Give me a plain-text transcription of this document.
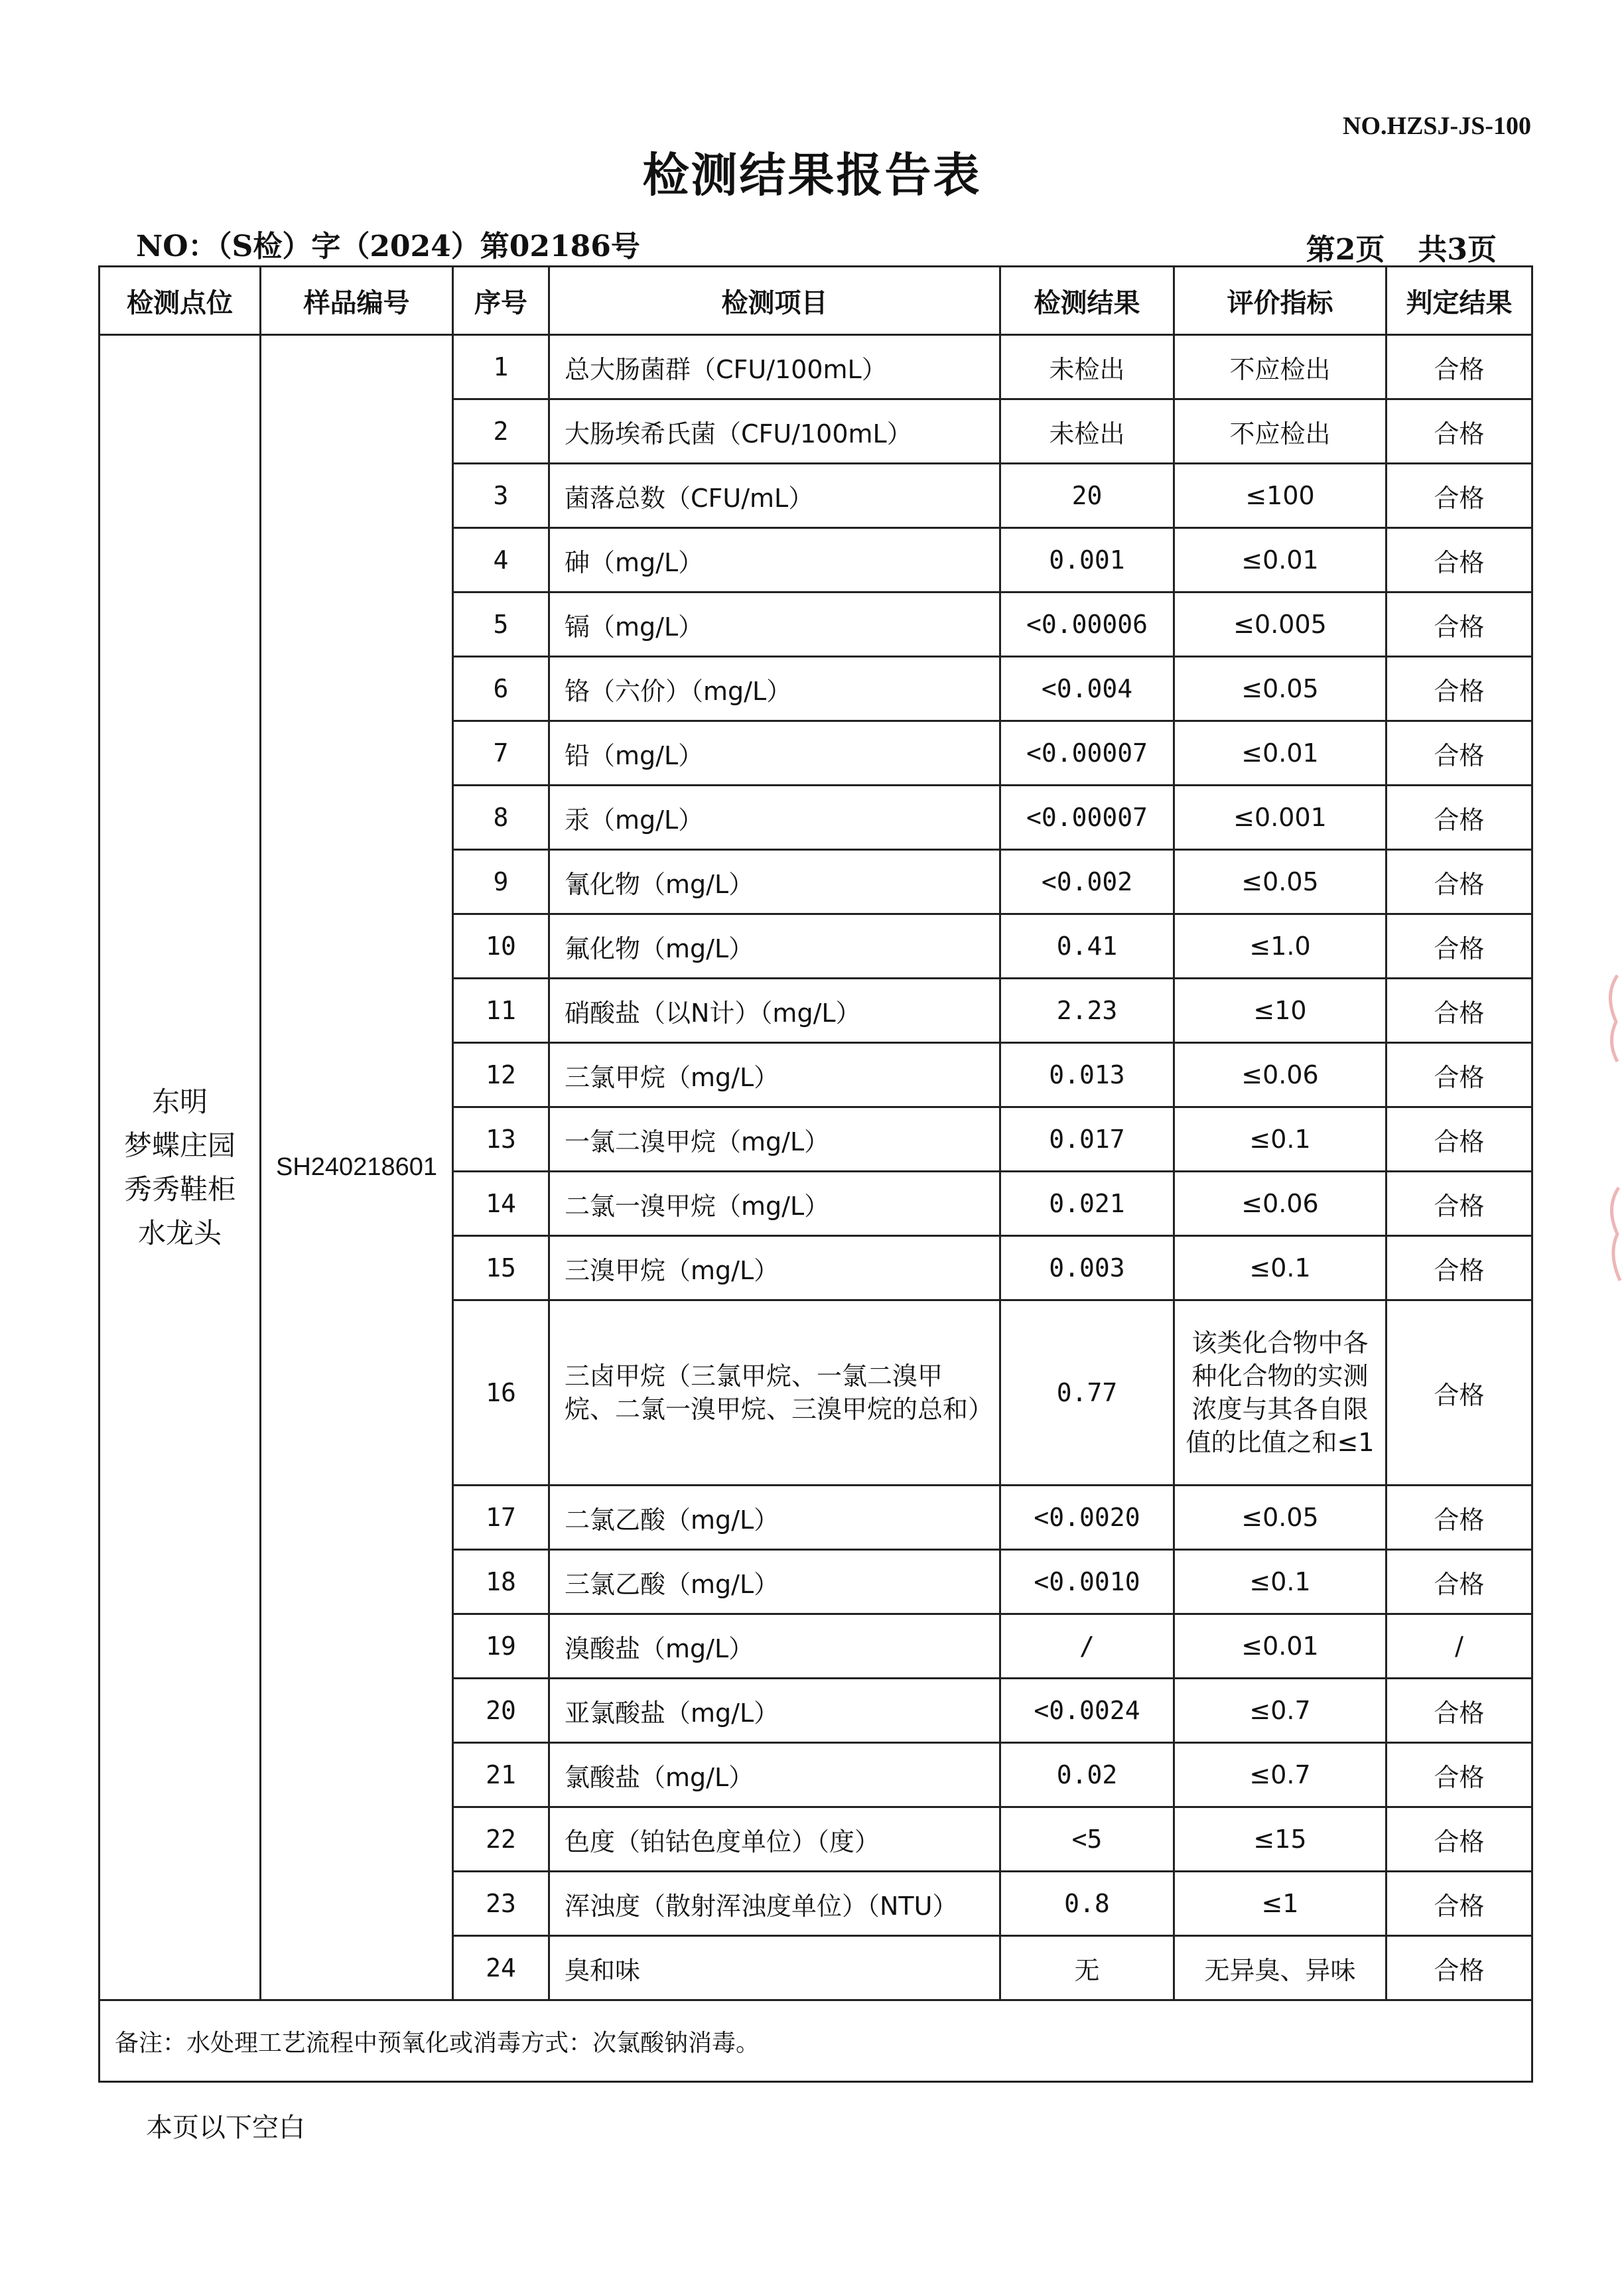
NO.HZSJ-JS-100
检测结果报告表
NO：（S检）字（2024）第02186号	第2页 共3页
检测点位	样品编号	序号	检测项目	检测结果	评价指标	判定结果

东明
梦蝶庄园
秀秀鞋柜
水龙头	SH240218601	1	总大肠菌群（CFU/100mL）	未检出	不应检出	合格
		2	大肠埃希氏菌（CFU/100mL）	未检出	不应检出	合格
		3	菌落总数（CFU/mL）	20	≤100	合格
		4	砷（mg/L）	0.001	≤0.01	合格
		5	镉（mg/L）	<0.00006	≤0.005	合格
		6	铬（六价）（mg/L）	<0.004	≤0.05	合格
		7	铅（mg/L）	<0.00007	≤0.01	合格
		8	汞（mg/L）	<0.00007	≤0.001	合格
		9	氰化物（mg/L）	<0.002	≤0.05	合格
		10	氟化物（mg/L）	0.41	≤1.0	合格
		11	硝酸盐（以N计）（mg/L）	2.23	≤10	合格
		12	三氯甲烷（mg/L）	0.013	≤0.06	合格
		13	一氯二溴甲烷（mg/L）	0.017	≤0.1	合格
		14	二氯一溴甲烷（mg/L）	0.021	≤0.06	合格
		15	三溴甲烷（mg/L）	0.003	≤0.1	合格
		16	三卤甲烷（三氯甲烷、一氯二溴甲烷、二氯一溴甲烷、三溴甲烷的总和）	0.77	该类化合物中各种化合物的实测浓度与其各自限值的比值之和≤1	合格
		17	二氯乙酸（mg/L）	<0.0020	≤0.05	合格
		18	三氯乙酸（mg/L）	<0.0010	≤0.1	合格
		19	溴酸盐（mg/L）	/	≤0.01	/
		20	亚氯酸盐（mg/L）	<0.0024	≤0.7	合格
		21	氯酸盐（mg/L）	0.02	≤0.7	合格
		22	色度（铂钴色度单位）（度）	<5	≤15	合格
		23	浑浊度（散射浑浊度单位）（NTU）	0.8	≤1	合格
		24	臭和味	无	无异臭、异味	合格
备注：水处理工艺流程中预氧化或消毒方式：次氯酸钠消毒。						
本页以下空白
